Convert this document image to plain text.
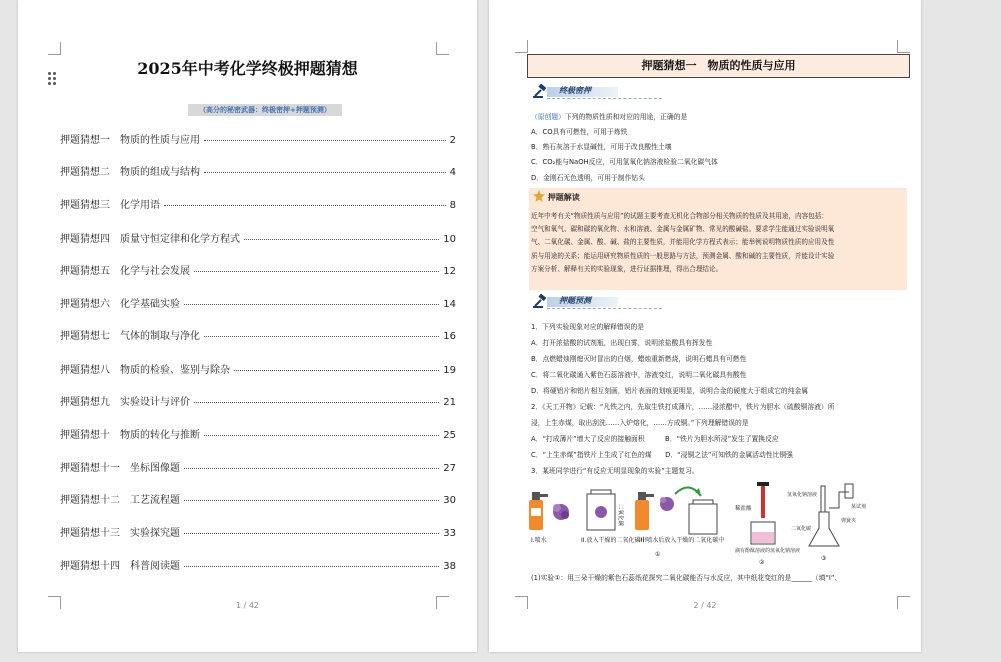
2025年中考化学终极押题猜想
（高分的秘密武器：终极密押+押题预测）
押题猜想一　物质的性质与应用	2
押题猜想二　物质的组成与结构	4
押题猜想三　化学用语	8
押题猜想四　质量守恒定律和化学方程式	10
押题猜想五　化学与社会发展	12
押题猜想六　化学基础实验	14
押题猜想七　气体的制取与净化	16
押题猜想八　物质的检验、鉴别与除杂	19
押题猜想九　实验设计与评价	21
押题猜想十　物质的转化与推断	25
押题猜想十一　坐标图像题	27
押题猜想十二　工艺流程题	30
押题猜想十三　实验探究题	33
押题猜想十四　科普阅读题	38
1 / 42
押题猜想一　物质的性质与应用
终极密押
（原创题）下列的物质性质和对应的用途，正确的是
A．CO具有可燃性，可用于炼铁
B．熟石灰溶于水显碱性，可用于改良酸性土壤
C．CO₂能与NaOH反应，可用氢氧化钠溶液检验二氧化碳气体
D．金刚石无色透明，可用于制作钻头
押题解读
近年中考有关“物质性质与应用”的试题主要考查无机化合物部分相关物质的性质及其用途，内容包括：
空气和氧气、碳和碳的氧化物、水和溶液、金属与金属矿物、常见的酸碱盐。要求学生能通过实验说明氧
气、二氧化碳、金属、酸、碱、盐的主要性质，并能用化学方程式表示；能举例说明物质性质的应用及性
质与用途的关系；能运用研究物质性质的一般思路与方法，预测金属、酸和碱的主要性质，并能设计实验
方案分析、解释有关的实验现象，进行证据推理，得出合理结论。
押题预测
1．下列实验现象对应的解释错误的是
A．打开浓盐酸的试剂瓶，出现白雾，说明浓盐酸具有挥发性
B．点燃蜡烛刚熄灭时冒出的白烟，蜡烛重新燃烧，说明石蜡具有可燃性
C．将二氧化碳通入紫色石蕊溶液中，溶液变红，说明二氧化碳具有酸性
D．将硬铝片和铝片相互刻画，铝片表面的划痕更明显，说明合金的硬度大于组成它的纯金属
2．《天工开物》记载：“凡铁之内，先取生铁打成薄片，……浸浓醋中，铁片为胆水（硫酸铜溶液）所
浸，上生赤煤，取出刮洗……入炉熔化，……方成铜。”下列理解错误的是
A．“打成薄片”增大了反应的接触面积　　　B．“铁片为胆水所浸”发生了置换反应
C．“上生赤煤”指铁片上生成了红色的煤　　D．“浸铜之法”可知铁的金属活动性比铜强
3．某班同学进行“有反应无明显现象的实验”主题复习。
I.喷水
二氧化碳
II.放入干燥的二氧化碳中
III.喷水后放入干燥的二氧化碳中
①
稀盐酸
滴有酚酞溶液的氢氧化钠溶液
②
氢氧化钠溶液
二氧化碳
某试剂
弹簧夹
③
(1)实验①：用三朵干燥的紫色石蕊纸花探究二氧化碳能否与水反应，其中纸花变红的是______（填“I”、
2 / 42
